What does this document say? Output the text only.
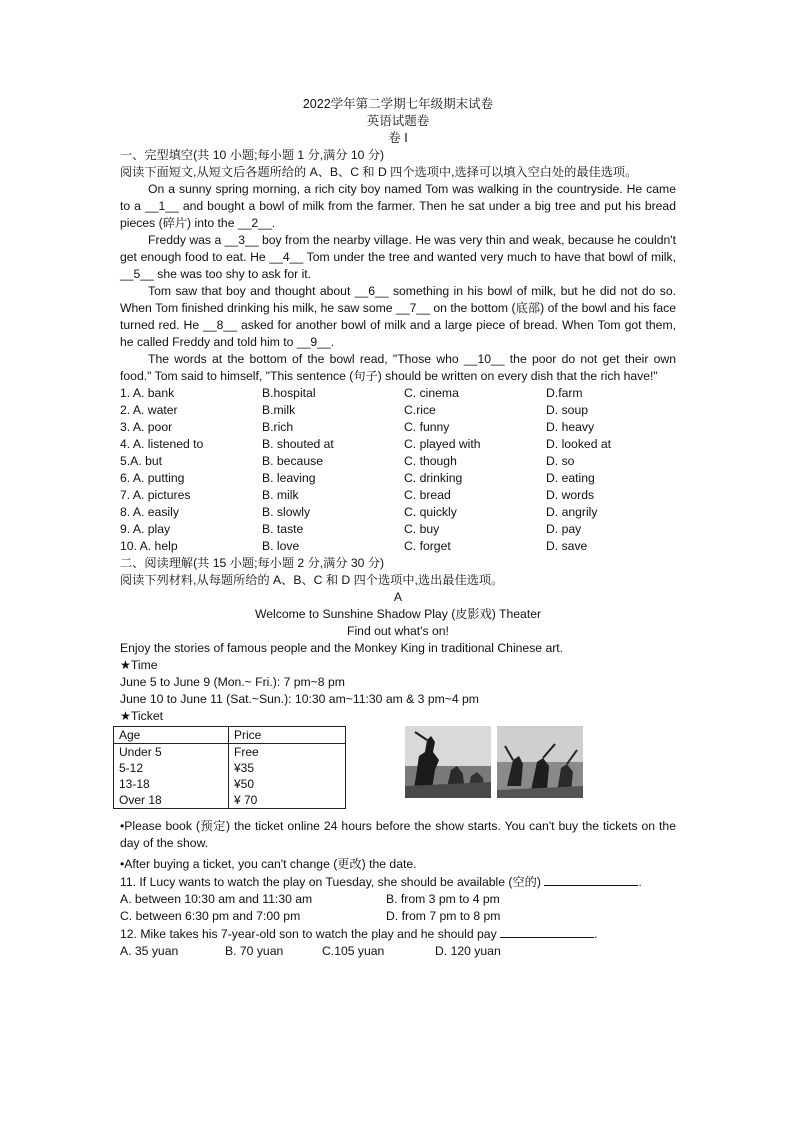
2022学年第二学期七年级期末试卷
英语试题卷
卷 I
一、完型填空(共 10 小题;每小题 1 分,满分 10 分)
阅读下面短文,从短文后各题所给的 A、B、C 和 D 四个选项中,选择可以填入空白处的最佳选项。
On a sunny spring morning, a rich city boy named Tom was walking in the countryside. He came to a __1__ and bought a bowl of milk from the farmer. Then he sat under a big tree and put his bread pieces (碎片) into the __2__.
Freddy was a __3__ boy from the nearby village. He was very thin and weak, because he couldn't get enough food to eat. He __4__ Tom under the tree and wanted very much to have that bowl of milk, __5__ she was too shy to ask for it.
Tom saw that boy and thought about __6__ something in his bowl of milk, but he did not do so. When Tom finished drinking his milk, he saw some __7__ on the bottom (底部) of the bowl and his face turned red. He __8__ asked for another bowl of milk and a large piece of bread. When Tom got them, he called Freddy and told him to __9__.
The words at the bottom of the bowl read, "Those who __10__ the poor do not get their own food." Tom said to himself, "This sentence (句子) should be written on every dish that the rich have!"
1. A. bank	B.hospital	C. cinema	D.farm
2. A. water	B.milk	C.rice	D. soup
3. A. poor	B.rich	C. funny	D. heavy
4. A. listened to	B. shouted at	C. played with	D. looked at
5.A. but	B. because	C. though	D. so
6. A. putting	B. leaving	C. drinking	D. eating
7. A. pictures	B. milk	C. bread	D. words
8. A. easily	B. slowly	C. quickly	D. angrily
9. A. play	B. taste	C. buy	D. pay
10. A. help	B. love	C. forget	D. save
二、阅读理解(共 15 小题;每小题 2 分,满分 30 分)
阅读下列材料,从每题所给的 A、B、C 和 D 四个选项中,选出最佳选项。
A
Welcome to Sunshine Shadow Play (皮影戏) Theater
Find out what's on!
Enjoy the stories of famous people and the Monkey King in traditional Chinese art.
★Time
June 5 to June 9 (Mon.~ Fri.): 7 pm~8 pm
June 10 to June 11 (Sat.~Sun.): 10:30 am~11:30 am & 3 pm~4 pm
★Ticket
Age	Price
Under 5	Free
5-12	¥35
13-18	¥50
Over 18	¥ 70
•Please book (预定) the ticket online 24 hours before the show starts. You can't buy the tickets on the day of the show.
•After buying a ticket, you can't change (更改) the date.
11. If Lucy wants to watch the play on Tuesday, she should be available (空的)	.
A. between 10:30 am and 11:30 am	B. from 3 pm to 4 pm
C. between 6:30 pm and 7:00 pm	D. from 7 pm to 8 pm
12. Mike takes his 7-year-old son to watch the play and he should pay	.
A. 35 yuan	B. 70 yuan	C.105 yuan	D. 120 yuan
